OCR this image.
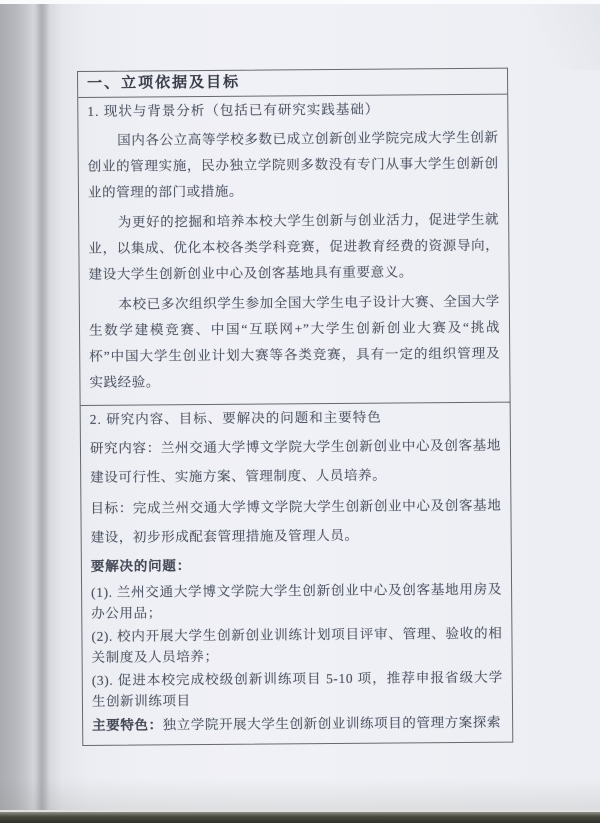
一、立项依据及目标
1. 现状与背景分析（包括已有研究实践基础）

国内各公立高等学校多数已成立创新创业学院完成大学生创新创业的管理实施，民办独立学院则多数没有专门从事大学生创新创业的管理的部门或措施。

为更好的挖掘和培养本校大学生创新与创业活力，促进学生就业，以集成、优化本校各类学科竞赛，促进教育经费的资源导向，建设大学生创新创业中心及创客基地具有重要意义。

本校已多次组织学生参加全国大学生电子设计大赛、全国大学生数学建模竞赛、中国“互联网+”大学生创新创业大赛及“挑战杯”中国大学生创业计划大赛等各类竞赛，具有一定的组织管理及实践经验。

2. 研究内容、目标、要解决的问题和主要特色

研究内容：兰州交通大学博文学院大学生创新创业中心及创客基地建设可行性、实施方案、管理制度、人员培养。

目标：完成兰州交通大学博文学院大学生创新创业中心及创客基地建设，初步形成配套管理措施及管理人员。

要解决的问题：

(1). 兰州交通大学博文学院大学生创新创业中心及创客基地用房及办公用品；

(2). 校内开展大学生创新创业训练计划项目评审、管理、验收的相关制度及人员培养；

(3). 促进本校完成校级创新训练项目 5-10 项，推荐申报省级大学生创新训练项目

主要特色：独立学院开展大学生创新创业训练项目的管理方案探索
